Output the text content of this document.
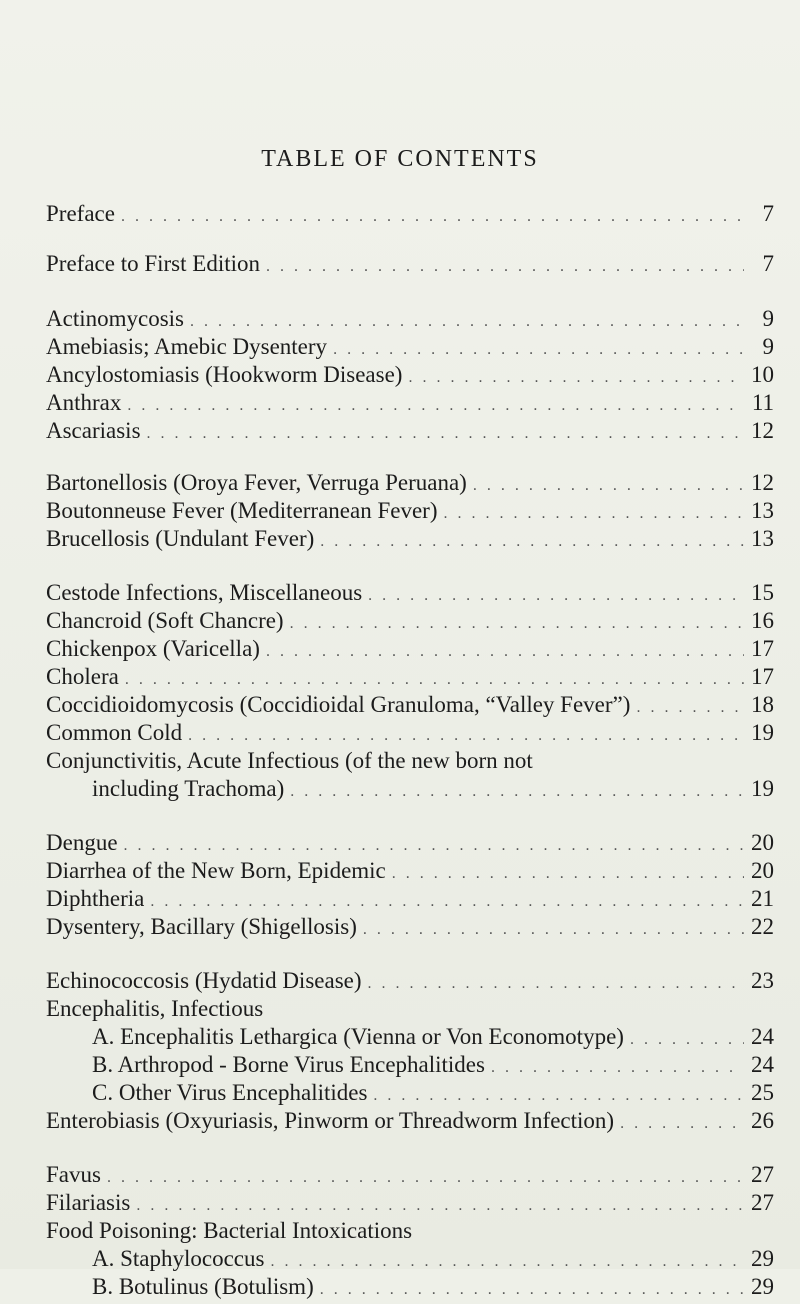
TABLE OF CONTENTS
Preface . . .	7
Preface to First Edition . . .	7
Actinomycosis . . .	9
Amebiasis; Amebic Dysentery . . .	9
Ancylostomiasis (Hookworm Disease) . . .	10
Anthrax . . .	11
Ascariasis . . .	12
Bartonellosis (Oroya Fever, Verruga Peruana) . . .	12
Boutonneuse Fever (Mediterranean Fever) . . .	13
Brucellosis (Undulant Fever) . . .	13
Cestode Infections, Miscellaneous . . .	15
Chancroid (Soft Chancre) . . .	16
Chickenpox (Varicella) . . .	17
Cholera . . .	17
Coccidioidomycosis (Coccidioidal Granuloma, “Valley Fever”) . . .	18
Common Cold . . .	19
Conjunctivitis, Acute Infectious (of the new born not
including Trachoma) . . .	19
Dengue . . .	20
Diarrhea of the New Born, Epidemic . . .	20
Diphtheria . . .	21
Dysentery, Bacillary (Shigellosis) . . .	22
Echinococcosis (Hydatid Disease) . . .	23
Encephalitis, Infectious
A. Encephalitis Lethargica (Vienna or Von Economotype) . . .	24
B. Arthropod - Borne Virus Encephalitides . . .	24
C. Other Virus Encephalitides . . .	25
Enterobiasis (Oxyuriasis, Pinworm or Threadworm Infection) . . .	26
Favus . . .	27
Filariasis . . .	27
Food Poisoning: Bacterial Intoxications
A. Staphylococcus . . .	29
B. Botulinus (Botulism) . . .	29
